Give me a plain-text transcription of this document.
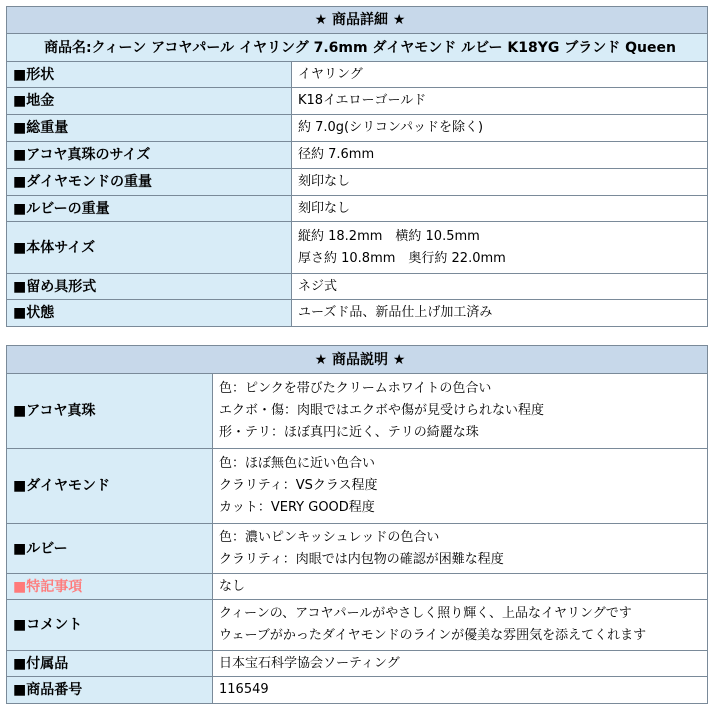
★ 商品詳細 ★	
商品名:クィーン アコヤパール イヤリング 7.6mm ダイヤモンド ルビー K18YG ブランド Queen	
■形状	イヤリング

■地金	K18イエローゴールド

■総重量	約 7.0g(シリコンパッドを除く)

■アコヤ真珠のサイズ	径約 7.6mm

■ダイヤモンドの重量	刻印なし

■ルビーの重量	刻印なし

■本体サイズ	縦約 18.2mm　横約 10.5mm
厚さ約 10.8mm　奥行約 22.0mm

■留め具形式	ネジ式

■状態	ユーズド品、新品仕上げ加工済み
★ 商品説明 ★	
■アコヤ真珠	色：ピンクを帯びたクリームホワイトの色合い
エクボ・傷：肉眼ではエクボや傷が見受けられない程度
形・テリ：ほぼ真円に近く、テリの綺麗な珠

■ダイヤモンド	色：ほぼ無色に近い色合い
クラリティ：VSクラス程度
カット：VERY GOOD程度

■ルビー	色：濃いピンキッシュレッドの色合い
クラリティ：肉眼では内包物の確認が困難な程度

■特記事項	なし

■コメント	クィーンの、アコヤパールがやさしく照り輝く、上品なイヤリングです
ウェーブがかったダイヤモンドのラインが優美な雰囲気を添えてくれます

■付属品	日本宝石科学協会ソーティング

■商品番号	116549
